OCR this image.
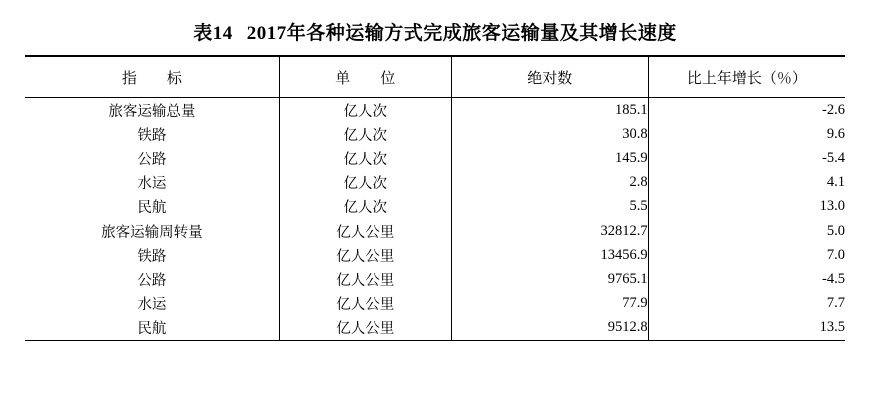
表14 2017年各种运输方式完成旅客运输量及其增长速度

指　　标	单　　位	绝对数	比上年增长（％）
旅客运输总量	亿人次	185.1	-2.6
铁路	亿人次	30.8	9.6
公路	亿人次	145.9	-5.4
水运	亿人次	2.8	4.1
民航	亿人次	5.5	13.0
旅客运输周转量	亿人公里	32812.7	5.0
铁路	亿人公里	13456.9	7.0
公路	亿人公里	9765.1	-4.5
水运	亿人公里	77.9	7.7
民航	亿人公里	9512.8	13.5
